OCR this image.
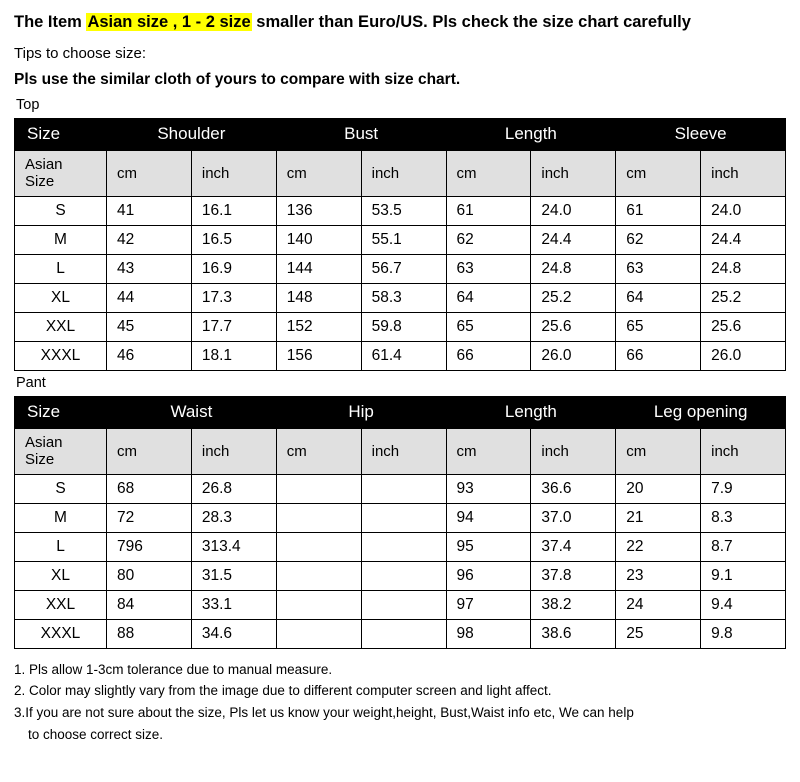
The Item Asian size , 1 - 2 size smaller than Euro/US. Pls check the size chart carefully
Tips to choose size:
Pls use the similar cloth of yours to compare with size chart.
Top
Size	Shoulder		Bust		Length		Sleeve	
Asian
Size	cm	inch	cm	inch	cm	inch	cm	inch
S	41	16.1	136	53.5	61	24.0	61	24.0
M	42	16.5	140	55.1	62	24.4	62	24.4
L	43	16.9	144	56.7	63	24.8	63	24.8
XL	44	17.3	148	58.3	64	25.2	64	25.2
XXL	45	17.7	152	59.8	65	25.6	65	25.6
XXXL	46	18.1	156	61.4	66	26.0	66	26.0
Pant
Size	Waist		Hip		Length		Leg opening	
Asian
Size	cm	inch	cm	inch	cm	inch	cm	inch
S	68	26.8			93	36.6	20	7.9
M	72	28.3			94	37.0	21	8.3
L	796	313.4			95	37.4	22	8.7
XL	80	31.5			96	37.8	23	9.1
XXL	84	33.1			97	38.2	24	9.4
XXXL	88	34.6			98	38.6	25	9.8
1. Pls allow 1-3cm tolerance due to manual measure.
2. Color may slightly vary from the image due to different computer screen and light affect.
3.If you are not sure about the size, Pls let us know your weight,height, Bust,Waist info etc, We can help
to choose correct size.
